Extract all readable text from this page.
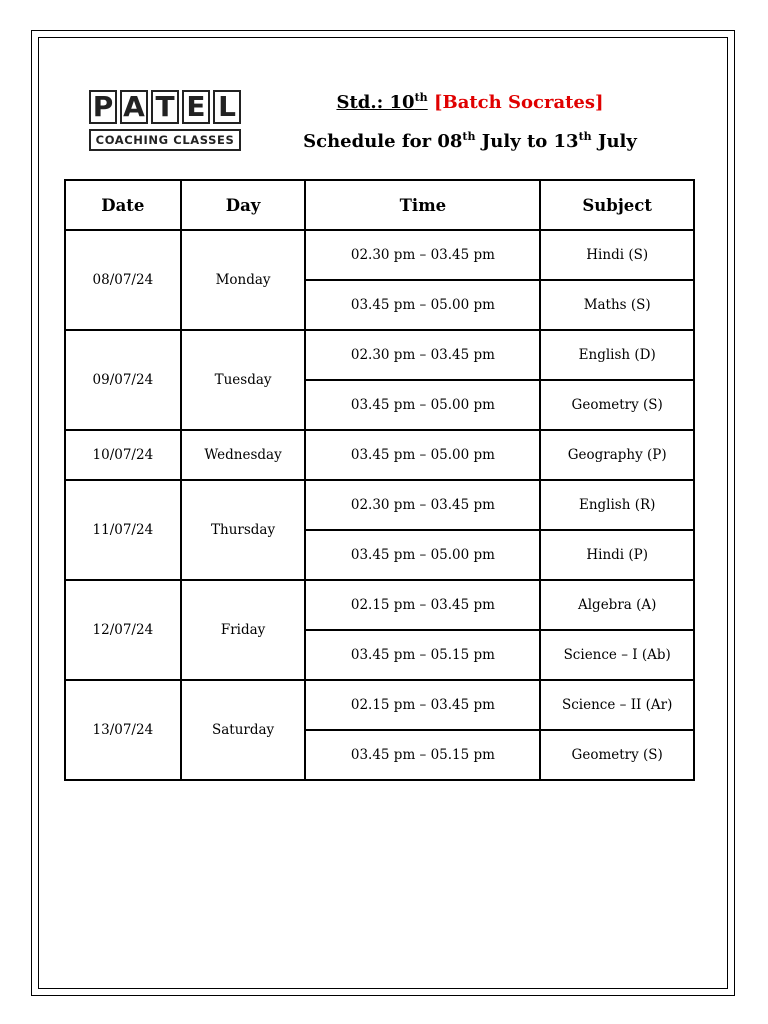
P A T E L
COACHING CLASSES
Std.: 10th [Batch Socrates]
Schedule for 08th July to 13th July
Date	Day	Time	Subject
08/07/24	Monday	02.30 pm – 03.45 pm	Hindi (S)
		03.45 pm – 05.00 pm	Maths (S)
09/07/24	Tuesday	02.30 pm – 03.45 pm	English (D)
		03.45 pm – 05.00 pm	Geometry (S)
10/07/24	Wednesday	03.45 pm – 05.00 pm	Geography (P)
11/07/24	Thursday	02.30 pm – 03.45 pm	English (R)
		03.45 pm – 05.00 pm	Hindi (P)
12/07/24	Friday	02.15 pm – 03.45 pm	Algebra (A)
		03.45 pm – 05.15 pm	Science – I (Ab)
13/07/24	Saturday	02.15 pm – 03.45 pm	Science – II (Ar)
		03.45 pm – 05.15 pm	Geometry (S)
